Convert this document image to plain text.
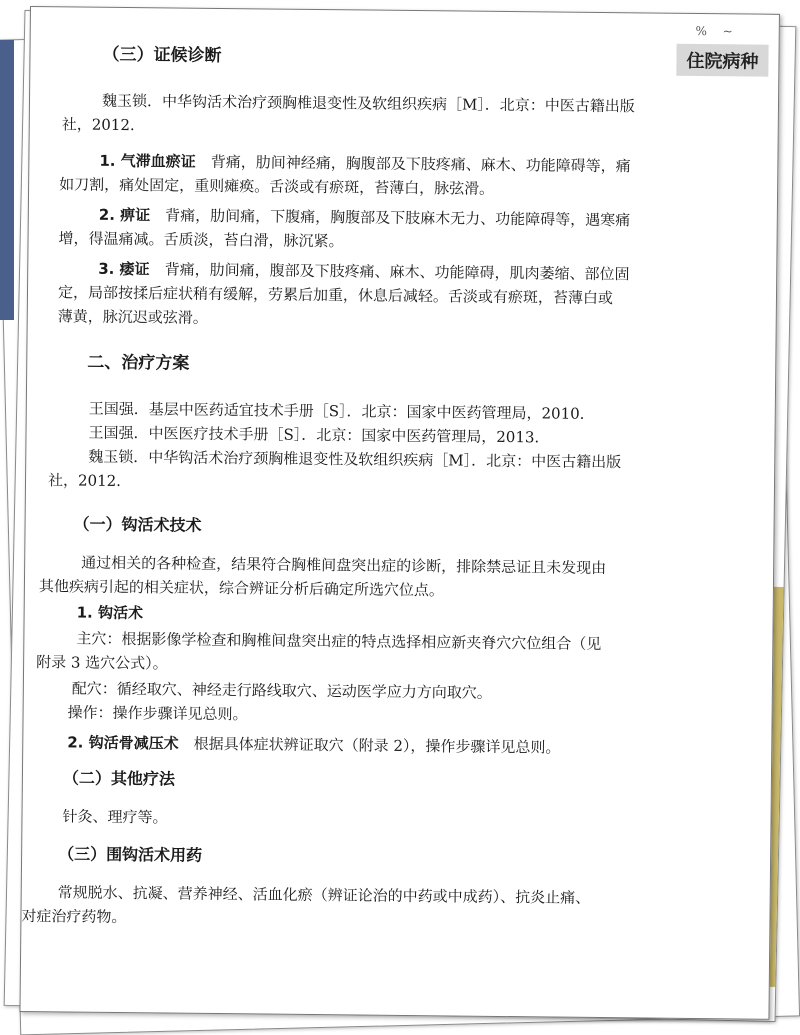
% ~
住院病种
（三）证候诊断
魏玉锁．中华钩活术治疗颈胸椎退变性及软组织疾病［M］．北京：中医古籍出版
社，2012.
1. 气滞血瘀证　 背痛，肋间神经痛，胸腹部及下肢疼痛、麻木、功能障碍等，痛
如刀割，痛处固定，重则瘫痪。舌淡或有瘀斑，苔薄白，脉弦滑。
2. 痹证　 背痛，肋间痛，下腹痛，胸腹部及下肢麻木无力、功能障碍等，遇寒痛
增，得温痛减。舌质淡，苔白滑，脉沉紧。
3. 痿证　 背痛，肋间痛，腹部及下肢疼痛、麻木、功能障碍，肌肉萎缩、部位固
定，局部按揉后症状稍有缓解，劳累后加重，休息后减轻。舌淡或有瘀斑，苔薄白或
薄黄，脉沉迟或弦滑。
二、治疗方案
王国强．基层中医药适宜技术手册［S］．北京：国家中医药管理局，2010.
王国强．中医医疗技术手册［S］．北京：国家中医药管理局，2013.
魏玉锁．中华钩活术治疗颈胸椎退变性及软组织疾病［M］．北京：中医古籍出版
社，2012.
（一）钩活术技术
通过相关的各种检查，结果符合胸椎间盘突出症的诊断，排除禁忌证且未发现由
其他疾病引起的相关症状，综合辨证分析后确定所选穴位点。
1. 钩活术
主穴：根据影像学检查和胸椎间盘突出症的特点选择相应新夹脊穴穴位组合（见
附录 3 选穴公式）。
配穴：循经取穴、神经走行路线取穴、运动医学应力方向取穴。
操作：操作步骤详见总则。
2. 钩活骨减压术　 根据具体症状辨证取穴（附录 2），操作步骤详见总则。
（二）其他疗法
针灸、理疗等。
（三）围钩活术用药
常规脱水、抗凝、营养神经、活血化瘀（辨证论治的中药或中成药）、抗炎止痛、
对症治疗药物。
